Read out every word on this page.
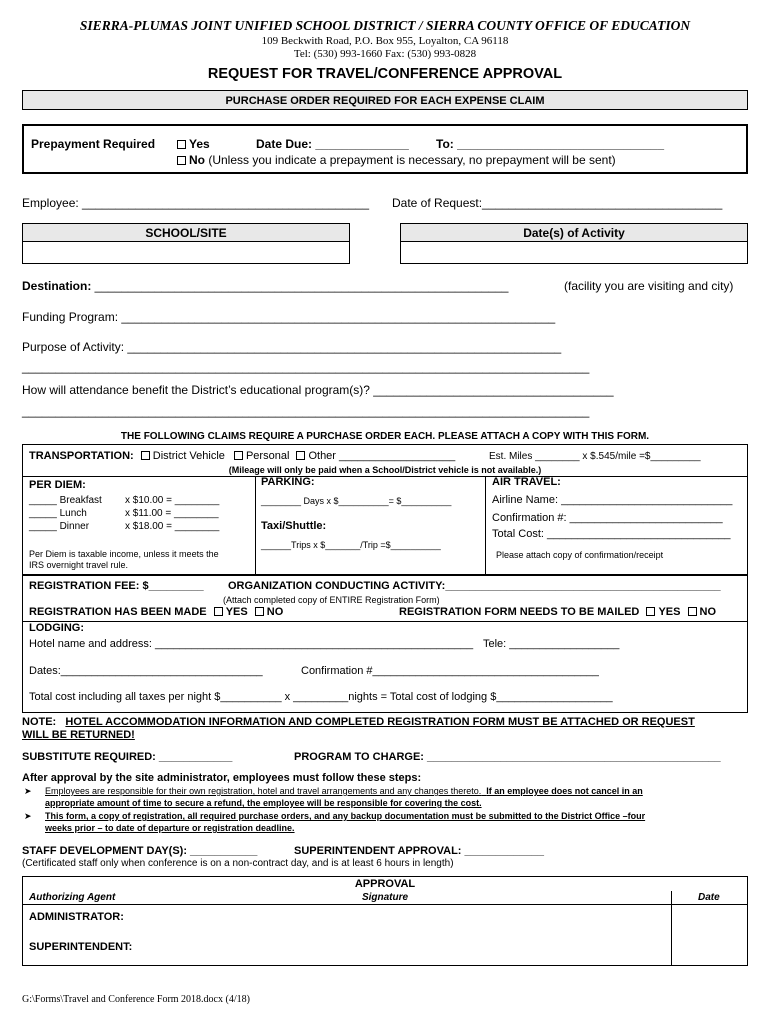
SIERRA-PLUMAS JOINT UNIFIED SCHOOL DISTRICT / SIERRA COUNTY OFFICE OF EDUCATION
109 Beckwith Road, P.O. Box 955, Loyalton, CA 96118
Tel: (530) 993-1660 Fax: (530) 993-0828
REQUEST FOR TRAVEL/CONFERENCE APPROVAL
PURCHASE ORDER REQUIRED FOR EACH EXPENSE CLAIM
Prepayment Required	Yes	Date Due: ______________ To: _______________________________
No (Unless you indicate a prepayment is necessary, no prepayment will be sent)
Employee: ___________________________________________ Date of Request:____________________________________
SCHOOL/SITE	Date(s) of Activity
Destination: ______________________________________________________________	(facility you are visiting and city)
Funding Program: _________________________________________________________________
Purpose of Activity: _________________________________________________________________
_____________________________________________________________________________________
How will attendance benefit the District’s educational program(s)? ____________________________________
_____________________________________________________________________________________
THE FOLLOWING CLAIMS REQUIRE A PURCHASE ORDER EACH. PLEASE ATTACH A COPY WITH THIS FORM.
TRANSPORTATION: District Vehicle Personal Other ___________________	Est. Miles ________ x $.545/mile =$_________
(Mileage will only be paid when a School/District vehicle is not available.)
PER DIEM:
_____ Breakfast x $10.00 = ________
_____ Lunch	x $11.00 = ________
_____ Dinner	x $18.00 = ________
Per Diem is taxable income, unless it meets the
IRS overnight travel rule.
PARKING:
________ Days x $__________= $__________
Taxi/Shuttle:
______Trips x $_______/Trip =$__________
AIR TRAVEL:
Airline Name: ____________________________
Confirmation #: _________________________
Total Cost: ______________________________
Please attach copy of confirmation/receipt
REGISTRATION FEE: $_________ ORGANIZATION CONDUCTING ACTIVITY:_____________________________________________
(Attach completed copy of ENTIRE Registration Form)
REGISTRATION HAS BEEN MADE YES NO	REGISTRATION FORM NEEDS TO BE MAILED YES NO
LODGING:
Hotel name and address: ____________________________________________________ Tele: __________________
Dates:_________________________________	Confirmation #_____________________________________
Total cost including all taxes per night $__________ x _________nights = Total cost of lodging $___________________
NOTE: HOTEL ACCOMMODATION INFORMATION AND COMPLETED REGISTRATION FORM MUST BE ATTACHED OR REQUEST
WILL BE RETURNED!
SUBSTITUTE REQUIRED: ____________	PROGRAM TO CHARGE: ________________________________________________
After approval by the site administrator, employees must follow these steps:
➤ Employees are responsible for their own registration, hotel and travel arrangements and any changes thereto. If an employee does not cancel in an
appropriate amount of time to secure a refund, the employee will be responsible for covering the cost.
➤ This form, a copy of registration, all required purchase orders, and any backup documentation must be submitted to the District Office –four
weeks prior – to date of departure or registration deadline.
STAFF DEVELOPMENT DAY(S): ___________	SUPERINTENDENT APPROVAL: _____________
(Certificated staff only when conference is on a non-contract day, and is at least 6 hours in length)
APPROVAL
Authorizing Agent	Signature	Date
ADMINISTRATOR:
SUPERINTENDENT:
G:\Forms\Travel and Conference Form 2018.docx (4/18)
